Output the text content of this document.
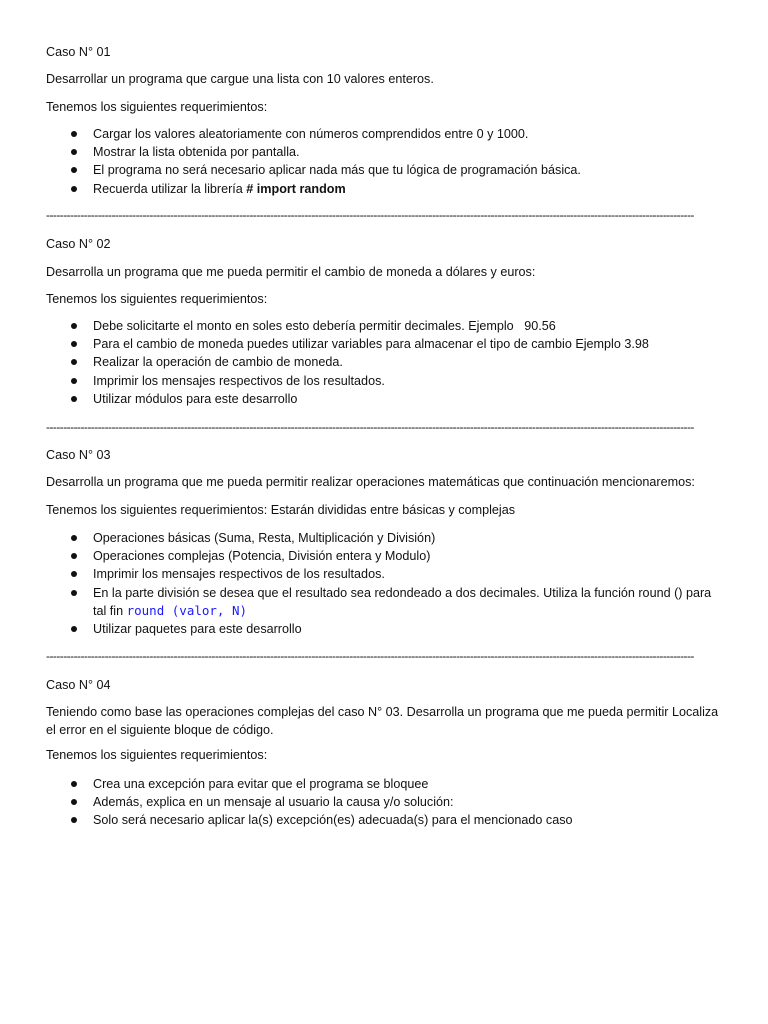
Caso N° 01
Desarrollar un programa que cargue una lista con 10 valores enteros.
Tenemos los siguientes requerimientos:
Cargar los valores aleatoriamente con números comprendidos entre 0 y 1000.
Mostrar la lista obtenida por pantalla.
El programa no será necesario aplicar nada más que tu lógica de programación básica.
Recuerda utilizar la librería # import random
--------------------------------------------------------------------------------------------------------------------------------------------------------------------------------------------
Caso N° 02
Desarrolla un programa que me pueda permitir el cambio de moneda a dólares y euros:
Tenemos los siguientes requerimientos:
Debe solicitarte el monto en soles esto debería permitir decimales. Ejemplo   90.56
Para el cambio de moneda puedes utilizar variables para almacenar el tipo de cambio Ejemplo 3.98
Realizar la operación de cambio de moneda.
Imprimir los mensajes respectivos de los resultados.
Utilizar módulos para este desarrollo
--------------------------------------------------------------------------------------------------------------------------------------------------------------------------------------------
Caso N° 03
Desarrolla un programa que me pueda permitir realizar operaciones matemáticas que continuación mencionaremos:
Tenemos los siguientes requerimientos: Estarán divididas entre básicas y complejas
Operaciones básicas (Suma, Resta, Multiplicación y División)
Operaciones complejas (Potencia, División entera y Modulo)
Imprimir los mensajes respectivos de los resultados.
En la parte división se desea que el resultado sea redondeado a dos decimales. Utiliza la función round () para tal fin round (valor, N)
Utilizar paquetes para este desarrollo
--------------------------------------------------------------------------------------------------------------------------------------------------------------------------------------------
Caso N° 04
Teniendo como base las operaciones complejas del caso N° 03. Desarrolla un programa que me pueda permitir Localiza el error en el siguiente bloque de código.
Tenemos los siguientes requerimientos:
Crea una excepción para evitar que el programa se bloquee
Además, explica en un mensaje al usuario la causa y/o solución:
Solo será necesario aplicar la(s) excepción(es) adecuada(s) para el mencionado caso
